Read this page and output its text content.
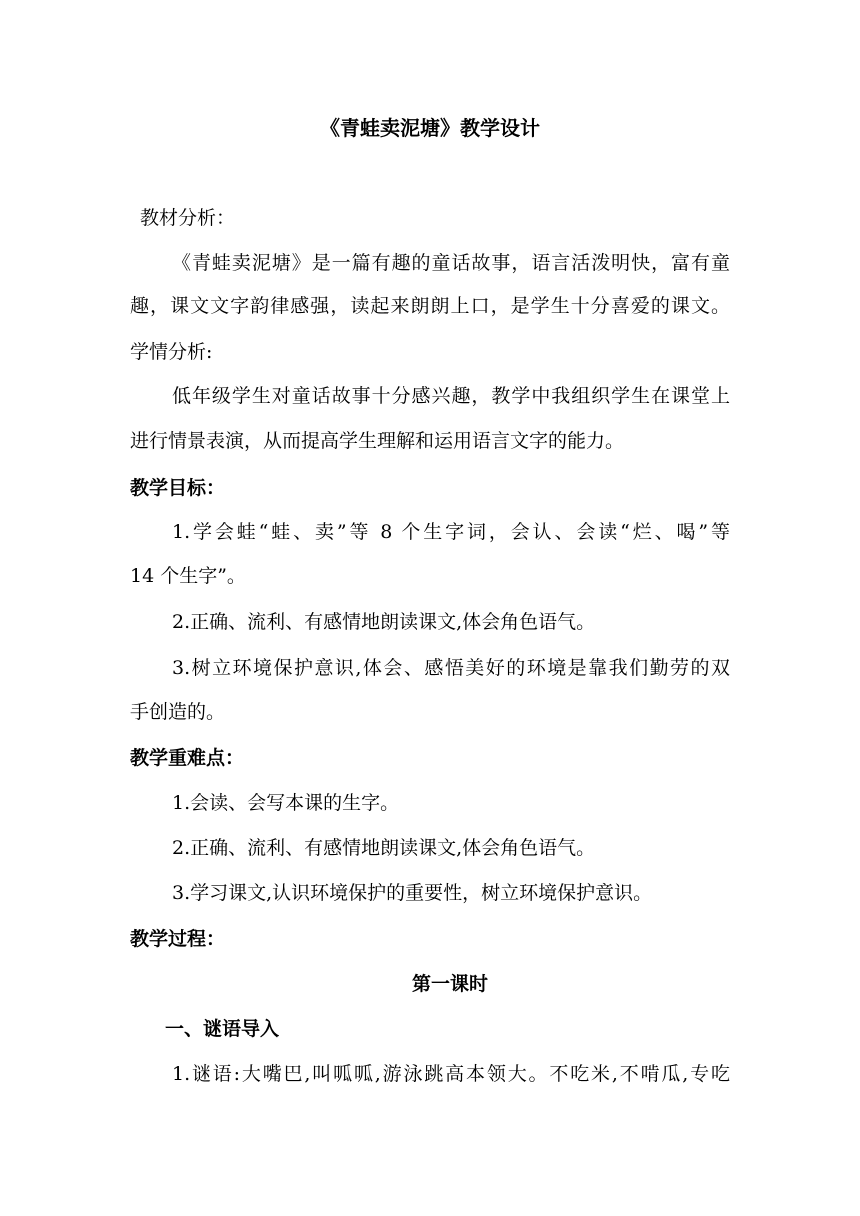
《青蛙卖泥塘》教学设计
教材分析：
《青蛙卖泥塘》是一篇有趣的童话故事，语言活泼明快，富有童
趣，课文文字韵律感强，读起来朗朗上口，是学生十分喜爱的课文。
学情分析:
低年级学生对童话故事十分感兴趣，教学中我组织学生在课堂上
进行情景表演，从而提高学生理解和运用语言文字的能力。
教学目标：
1.学会蛙“蛙、卖”等 8 个生字词，会认、会读“烂、喝”等
14 个生字”。
2.正确、流利、有感情地朗读课文,体会角色语气。
3.树立环境保护意识,体会、感悟美好的环境是靠我们勤劳的双
手创造的。
教学重难点：
1.会读、会写本课的生字。
2.正确、流利、有感情地朗读课文,体会角色语气。
3.学习课文,认识环境保护的重要性，树立环境保护意识。
教学过程：
第一课时
一、谜语导入
1.谜语:大嘴巴,叫呱呱,游泳跳高本领大。不吃米,不啃瓜,专吃
